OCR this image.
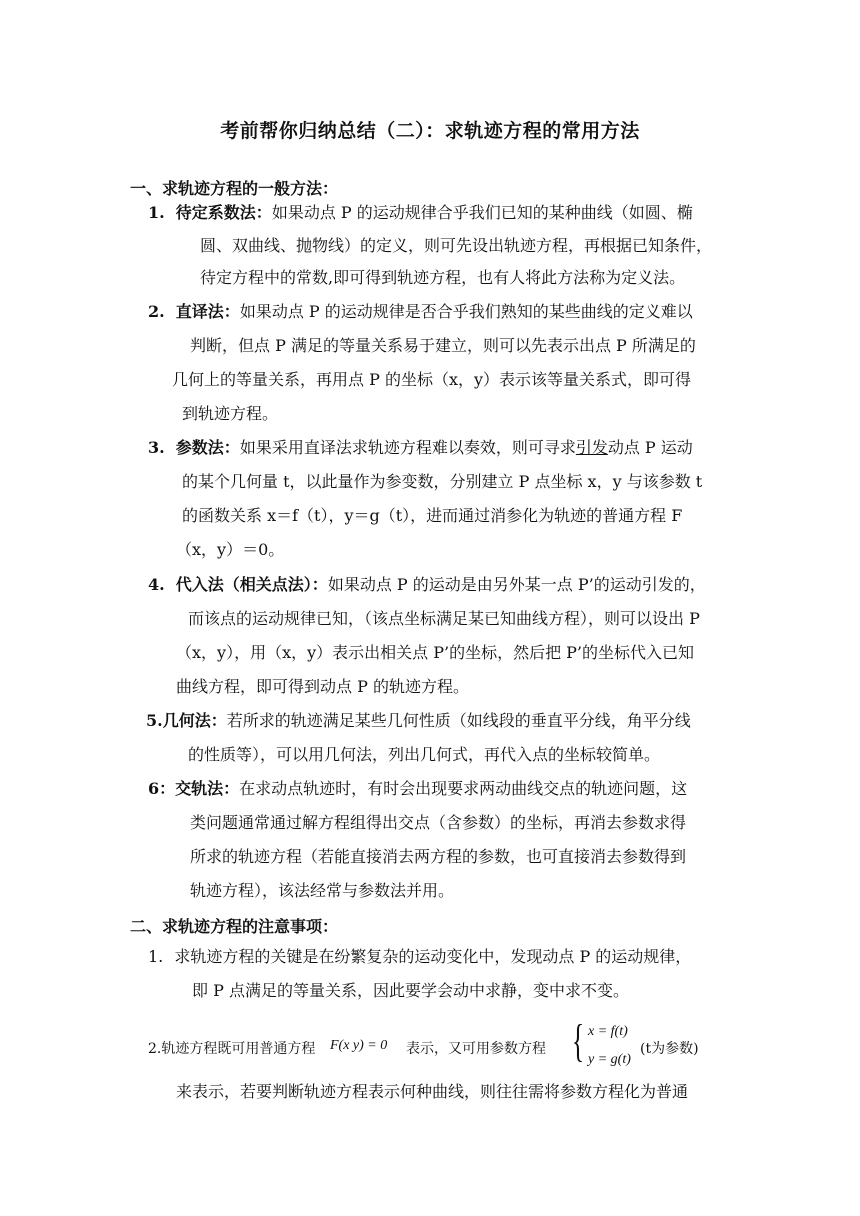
考前帮你归纳总结（二）：求轨迹方程的常用方法
一、求轨迹方程的一般方法：
1. 待定系数法：如果动点 P 的运动规律合乎我们已知的某种曲线（如圆、椭
圆、双曲线、抛物线）的定义，则可先设出轨迹方程，再根据已知条件，
待定方程中的常数,即可得到轨迹方程，也有人将此方法称为定义法。
2. 直译法：如果动点 P 的运动规律是否合乎我们熟知的某些曲线的定义难以
判断，但点 P 满足的等量关系易于建立，则可以先表示出点 P 所满足的
几何上的等量关系，再用点 P 的坐标（x，y）表示该等量关系式，即可得
到轨迹方程。
3. 参数法：如果采用直译法求轨迹方程难以奏效，则可寻求引发动点 P 运动
的某个几何量 t，以此量作为参变数，分别建立 P 点坐标 x，y 与该参数 t
的函数关系 x＝f（t），y＝g（t），进而通过消参化为轨迹的普通方程 F
（x，y）＝0。
4. 代入法（相关点法）：如果动点 P 的运动是由另外某一点 P’的运动引发的，
而该点的运动规律已知，（该点坐标满足某已知曲线方程），则可以设出 P
（x，y），用（x，y）表示出相关点 P’的坐标，然后把 P’的坐标代入已知
曲线方程，即可得到动点 P 的轨迹方程。
5.几何法：若所求的轨迹满足某些几何性质（如线段的垂直平分线，角平分线
的性质等），可以用几何法，列出几何式，再代入点的坐标较简单。
6：交轨法：在求动点轨迹时，有时会出现要求两动曲线交点的轨迹问题，这
类问题通常通过解方程组得出交点（含参数）的坐标，再消去参数求得
所求的轨迹方程（若能直接消去两方程的参数，也可直接消去参数得到
轨迹方程），该法经常与参数法并用。
二、求轨迹方程的注意事项：
1. 求轨迹方程的关键是在纷繁复杂的运动变化中，发现动点 P 的运动规律，
即 P 点满足的等量关系，因此要学会动中求静，变中求不变。
2.轨迹方程既可用普通方程 F(x y) = 0 表示，又可用参数方程 { x = f(t)
y = g(t)
(t为参数)
来表示，若要判断轨迹方程表示何种曲线，则往往需将参数方程化为普通
